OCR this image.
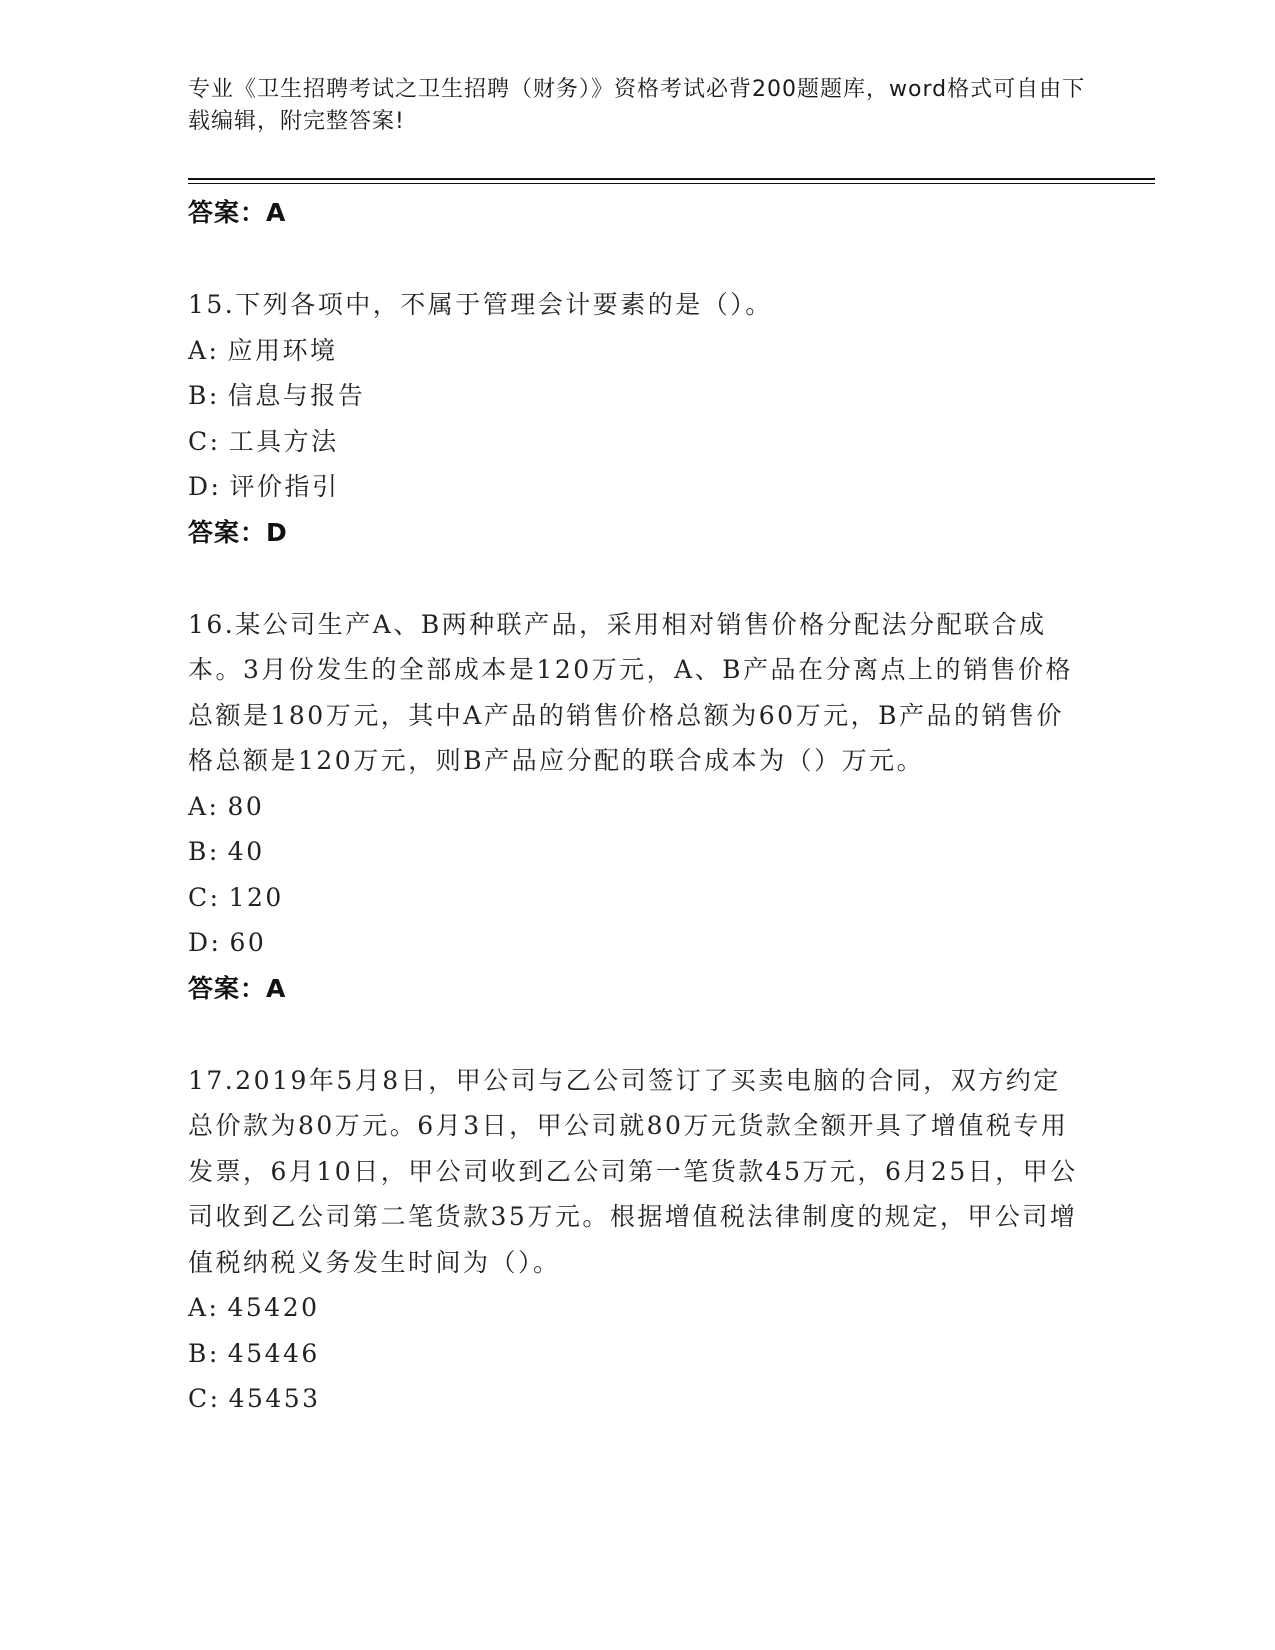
专业《卫生招聘考试之卫生招聘（财务）》资格考试必背200题题库，word格式可自由下载编辑，附完整答案!
答案：A
15.下列各项中，不属于管理会计要素的是（）。
A: 应用环境
B: 信息与报告
C: 工具方法
D: 评价指引
答案：D
16.某公司生产A、B两种联产品，采用相对销售价格分配法分配联合成本。3月份发生的全部成本是120万元，A、B产品在分离点上的销售价格总额是180万元，其中A产品的销售价格总额为60万元，B产品的销售价格总额是120万元，则B产品应分配的联合成本为（）万元。
A: 80
B: 40
C: 120
D: 60
答案：A
17.2019年5月8日，甲公司与乙公司签订了买卖电脑的合同，双方约定总价款为80万元。6月3日，甲公司就80万元货款全额开具了增值税专用发票，6月10日，甲公司收到乙公司第一笔货款45万元，6月25日，甲公司收到乙公司第二笔货款35万元。根据增值税法律制度的规定，甲公司增值税纳税义务发生时间为（）。
A: 45420
B: 45446
C: 45453
